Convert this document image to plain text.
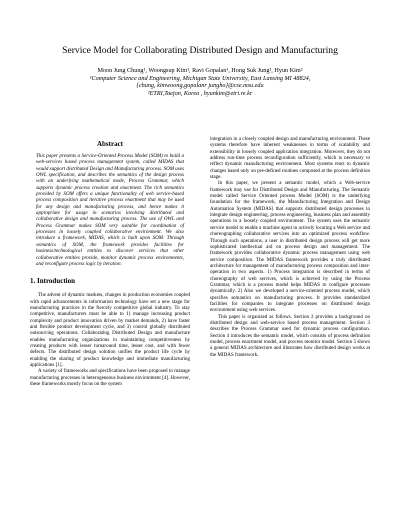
Service Model for Collaborating Distributed Design and Manufacturing
Moon Jung Chung¹, Woongsup Kim¹, Ravi Gopalan¹, Hong Suk Jung¹, Hyun Kim²
¹Computer Science and Engineering, Michigan State University, East Lansing MI 48824,
{chung, kimwoong,gopalanr jungho}@cse.msu.edu
²ETRI,Taejon, Korea , hyunkim@etri.re.kr
Abstract

This paper presents a Service-Oriented Process Model (SOM) to build a web-services based process management system, called MIDAS that would support distributed Design and Manufacturing process. SOM uses OWL specification, and describes the semantics of the design process with an underlying mathematical mode, Process Grammar, which supports dynamic process creation and enactment. The rich semantics provided by SOM offers a unique functionality of web service-based process composition and iterative process enactment that may be used for any design and manufacturing process, and hence makes it appropriate for usage in scenarios involving distributed and collaborative design and manufacturing process. The use of OWL and Process Grammar makes SOM very suitable for coordination of processes in loosely coupled collaborative environment. We also introduce a framework, MIDAS, which is built upon SOM. Through semantics of SOM, the framework provides facilities for business/technological entities to discover services that other collaborative entities provide, monitor dynamic process environments, and reconfigure process logic by iteration.

1. Introduction

The advent of dynamic markets, changes in production economies coupled with rapid advancements in information technology have set a new stage for manufacturing practices in the fiercely competitive global industry. To stay competitive, manufacturers must be able to 1) manage increasing product complexity and product innovation driven by market demands, 2) have faster and flexible product development cycle, and 3) control globally distributed outsourcing operations. Collaborating Distributed Design and manufacture enables manufacturing organizations in maintaining competitiveness by creating products with lesser turnaround time, lesser cost, and with fewer defects. The distributed design solution unifies the product life cycle by enabling the sharing of product knowledge and immediate manufacturing applications [1].

A variety of frameworks and specifications have been proposed to manage manufacturing processes in heterogeneous business environment [4]. However, these frameworks mostly focus on the system

integration in a closely coupled design and manufacturing environment. These systems therefore have inherent weaknesses in terms of scalability and extensibility in loosely coupled application integration. Moreover, they do not address run-time process reconfiguration sufficiently, which is necessary to reflect dynamic manufacturing environment. Most systems react to dynamic changes based only on pre-defined routines composed at the process definition stage.

In this paper, we present a semantic model, which a Web-service framework may use for Distributed Design and Manufacturing. The Semantic model called Service Oriented process Model (SOM) is the underlying foundation for the framework, the Manufacturing Integration and Design Automation System (MIDAS) that supports distributed design processes to integrate design engineering, process engineering, business plan and assembly operations in a loosely coupled environment. The system uses the semantic service model to enable a machine agent in actively locating a Web service and choreographing collaborative services into an optimized process workflow. Through such operations, a user in distributed design process will get more sophisticated intellectual aid on process design and management. The framework provides collaborative dynamic process management using web service composition. The MIDAS framework provides a truly distributed architecture for management of manufacturing process composition and inter-operation in two aspects. 1) Process integration is described in terms of choreography of web services, which is achieved by using the Process Grammar, which is a process model helps MIDAS to configure processes dynamically. 2) Also we developed a service-oriented process model, which specifies semantics on manufacturing process. It provides standardized facilities for companies to integrate processes on distributed design environment using web services.

This paper is organized as follows. Section 2 provides a background on distributed design and web-service based process management. Section 3 describes the Process Grammar used for dynamic process configuration. Section 4 introduces the semantic model, which consists of process definition model, process enactment model, and process monitor model. Section 5 shows a general MIDAS architecture and illustrates how distributed design works at the MIDAS framework.
